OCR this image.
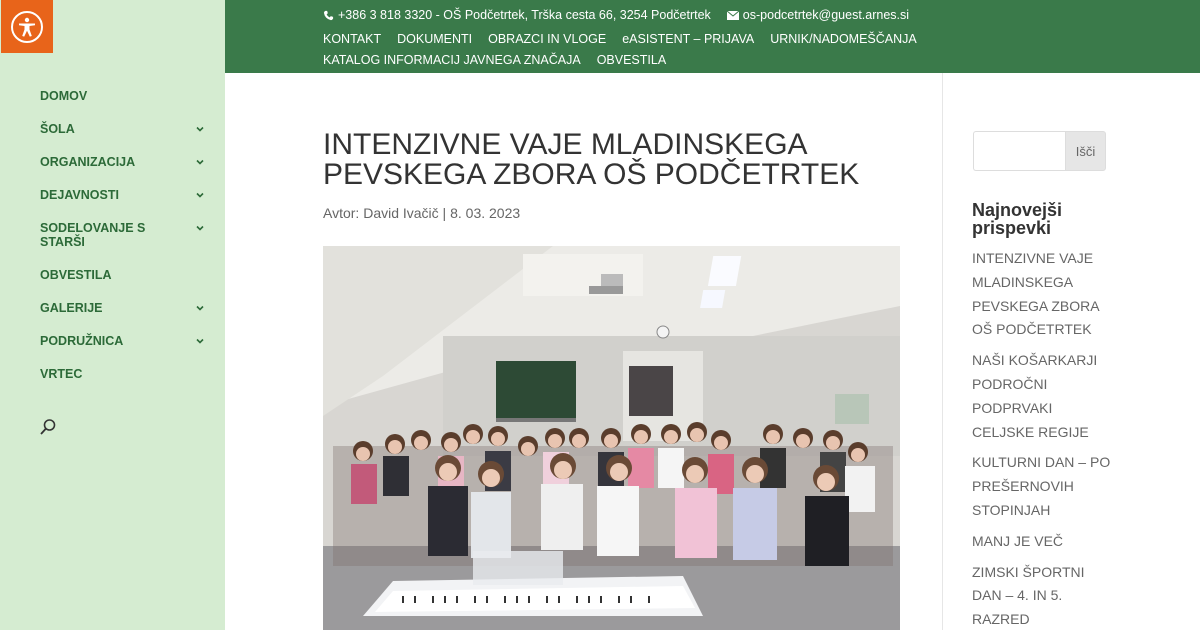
DOMOV
ŠOLA
ORGANIZACIJA
DEJAVNOSTI
SODELOVANJE S STARŠI
OBVESTILA
GALERIJE
PODRUŽNICA
VRTEC
+386 3 818 3320 - OŠ Podčetrtek, Trška cesta 66, 3254 Podčetrtek	os-podcetrtek@guest.arnes.si
KONTAKT DOKUMENTI OBRAZCI IN VLOGE eASISTENT – PRIJAVA URNIK/NADOMEŠČANJAKATALOG INFORMACIJ JAVNEGA ZNAČAJA OBVESTILA
INTENZIVNE VAJE MLADINSKEGA PEVSKEGA ZBORA OŠ PODČETRTEK
Avtor: David Ivačič | 8. 03. 2023
Išči
Najnovejši prispevki
INTENZIVNE VAJE MLADINSKEGA PEVSKEGA ZBORA OŠ PODČETRTEK
NAŠI KOŠARKARJI PODROČNI PODPRVAKI CELJSKE REGIJE
KULTURNI DAN – PO PREŠERNOVIH STOPINJAH
MANJ JE VEČ
ZIMSKI ŠPORTNI DAN – 4. IN 5. RAZRED
